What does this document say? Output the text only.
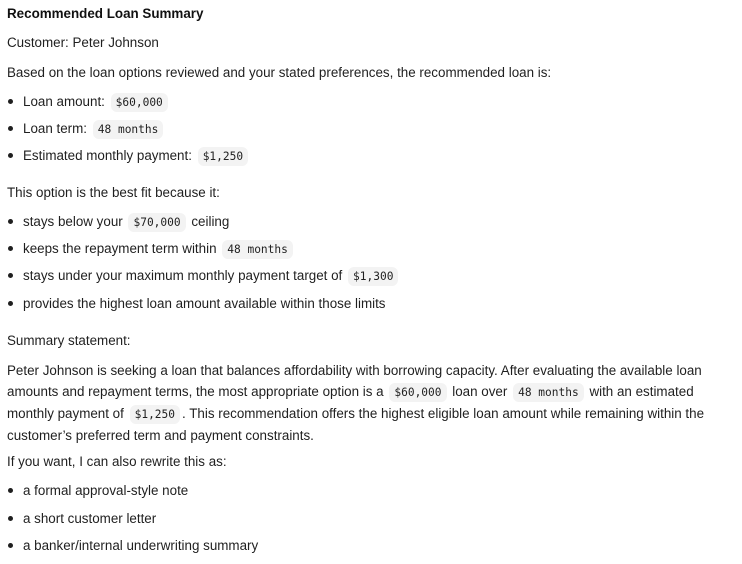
Recommended Loan Summary
Customer: Peter Johnson
Based on the loan options reviewed and your stated preferences, the recommended loan is:
Loan amount: $60,000
Loan term: 48 months
Estimated monthly payment: $1,250
This option is the best fit because it:
stays below your $70,000 ceiling
keeps the repayment term within 48 months
stays under your maximum monthly payment target of $1,300
provides the highest loan amount available within those limits
Summary statement:
Peter Johnson is seeking a loan that balances affordability with borrowing capacity. After evaluating the available loan amounts and repayment terms, the most appropriate option is a $60,000 loan over 48 months with an estimated monthly payment of $1,250 . This recommendation offers the highest eligible loan amount while remaining within the customer’s preferred term and payment constraints.
If you want, I can also rewrite this as:
a formal approval-style note
a short customer letter
a banker/internal underwriting summary
